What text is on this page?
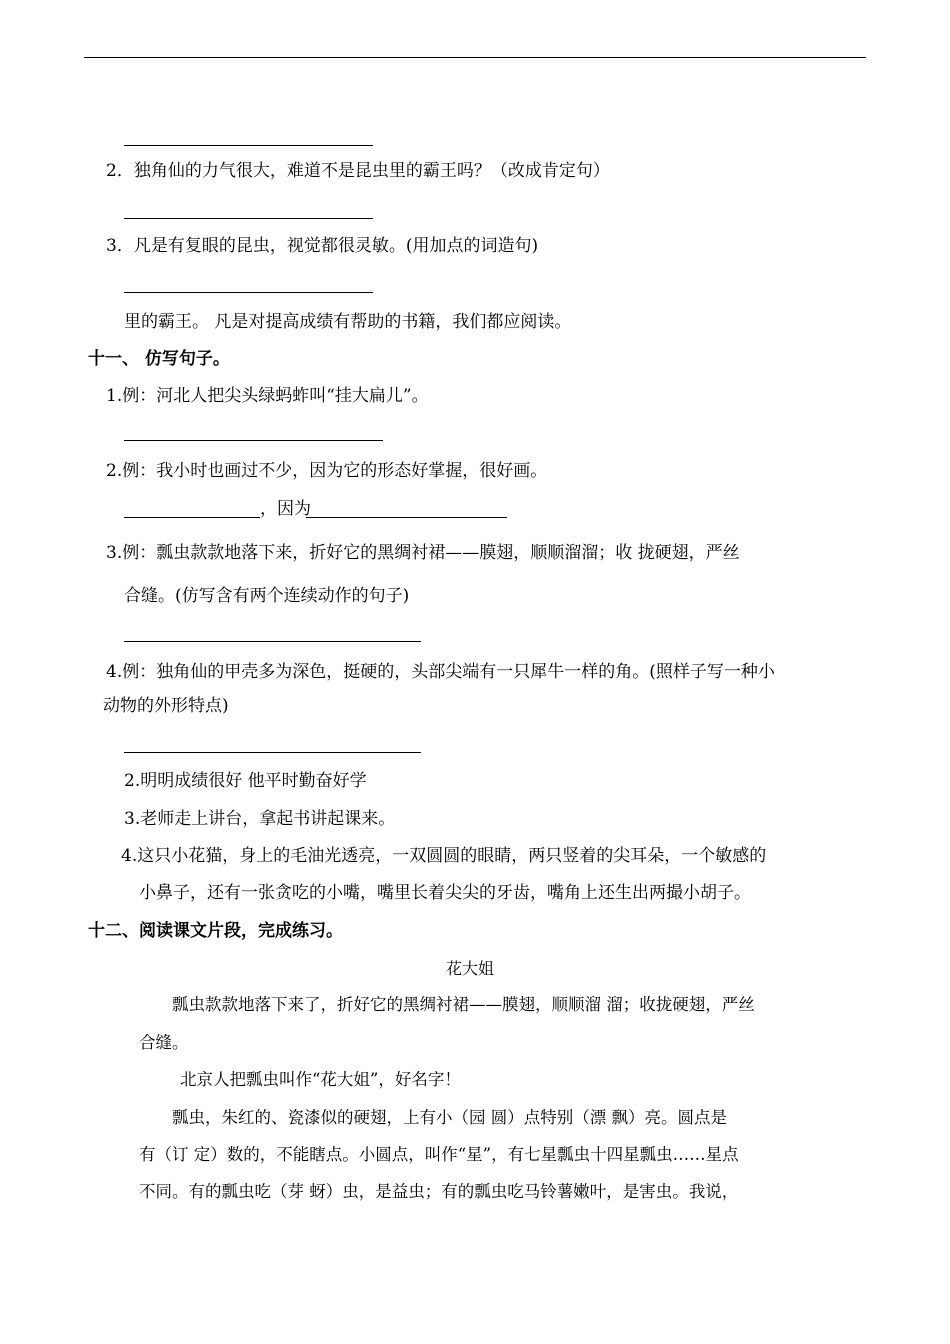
2．独角仙的力气很大，难道不是昆虫里的霸王吗？（改成肯定句）
3．凡是有复眼的昆虫，视觉都很灵敏。(用加点的词造句)
里的霸王。 凡是对提高成绩有帮助的书籍，我们都应阅读。
十一、 仿写句子。
1.例：河北人把尖头绿蚂蚱叫“挂大扁儿”。
2.例：我小时也画过不少，因为它的形态好掌握，很好画。
，因为
3.例：瓢虫款款地落下来，折好它的黑绸衬裙——膜翅，顺顺溜溜；收 拢硬翅，严丝
合缝。(仿写含有两个连续动作的句子)
4.例：独角仙的甲壳多为深色，挺硬的，头部尖端有一只犀牛一样的角。(照样子写一种小
动物的外形特点)
2.明明成绩很好 他平时勤奋好学
3.老师走上讲台，拿起书讲起课来。
4.这只小花猫，身上的毛油光透亮，一双圆圆的眼睛，两只竖着的尖耳朵，一个敏感的
小鼻子，还有一张贪吃的小嘴，嘴里长着尖尖的牙齿，嘴角上还生出两撮小胡子。
十二、阅读课文片段，完成练习。
花大姐
瓢虫款款地落下来了，折好它的黑绸衬裙——膜翅，顺顺溜 溜；收拢硬翅，严丝
合缝。
北京人把瓢虫叫作“花大姐”，好名字！
瓢虫，朱红的、瓷漆似的硬翅，上有小（园 圆）点特别（漂 飘）亮。圆点是
有（订 定）数的，不能瞎点。小圆点，叫作“星”，有七星瓢虫十四星瓢虫……星点
不同。有的瓢虫吃（芽 蚜）虫，是益虫；有的瓢虫吃马铃薯嫩叶，是害虫。我说，
